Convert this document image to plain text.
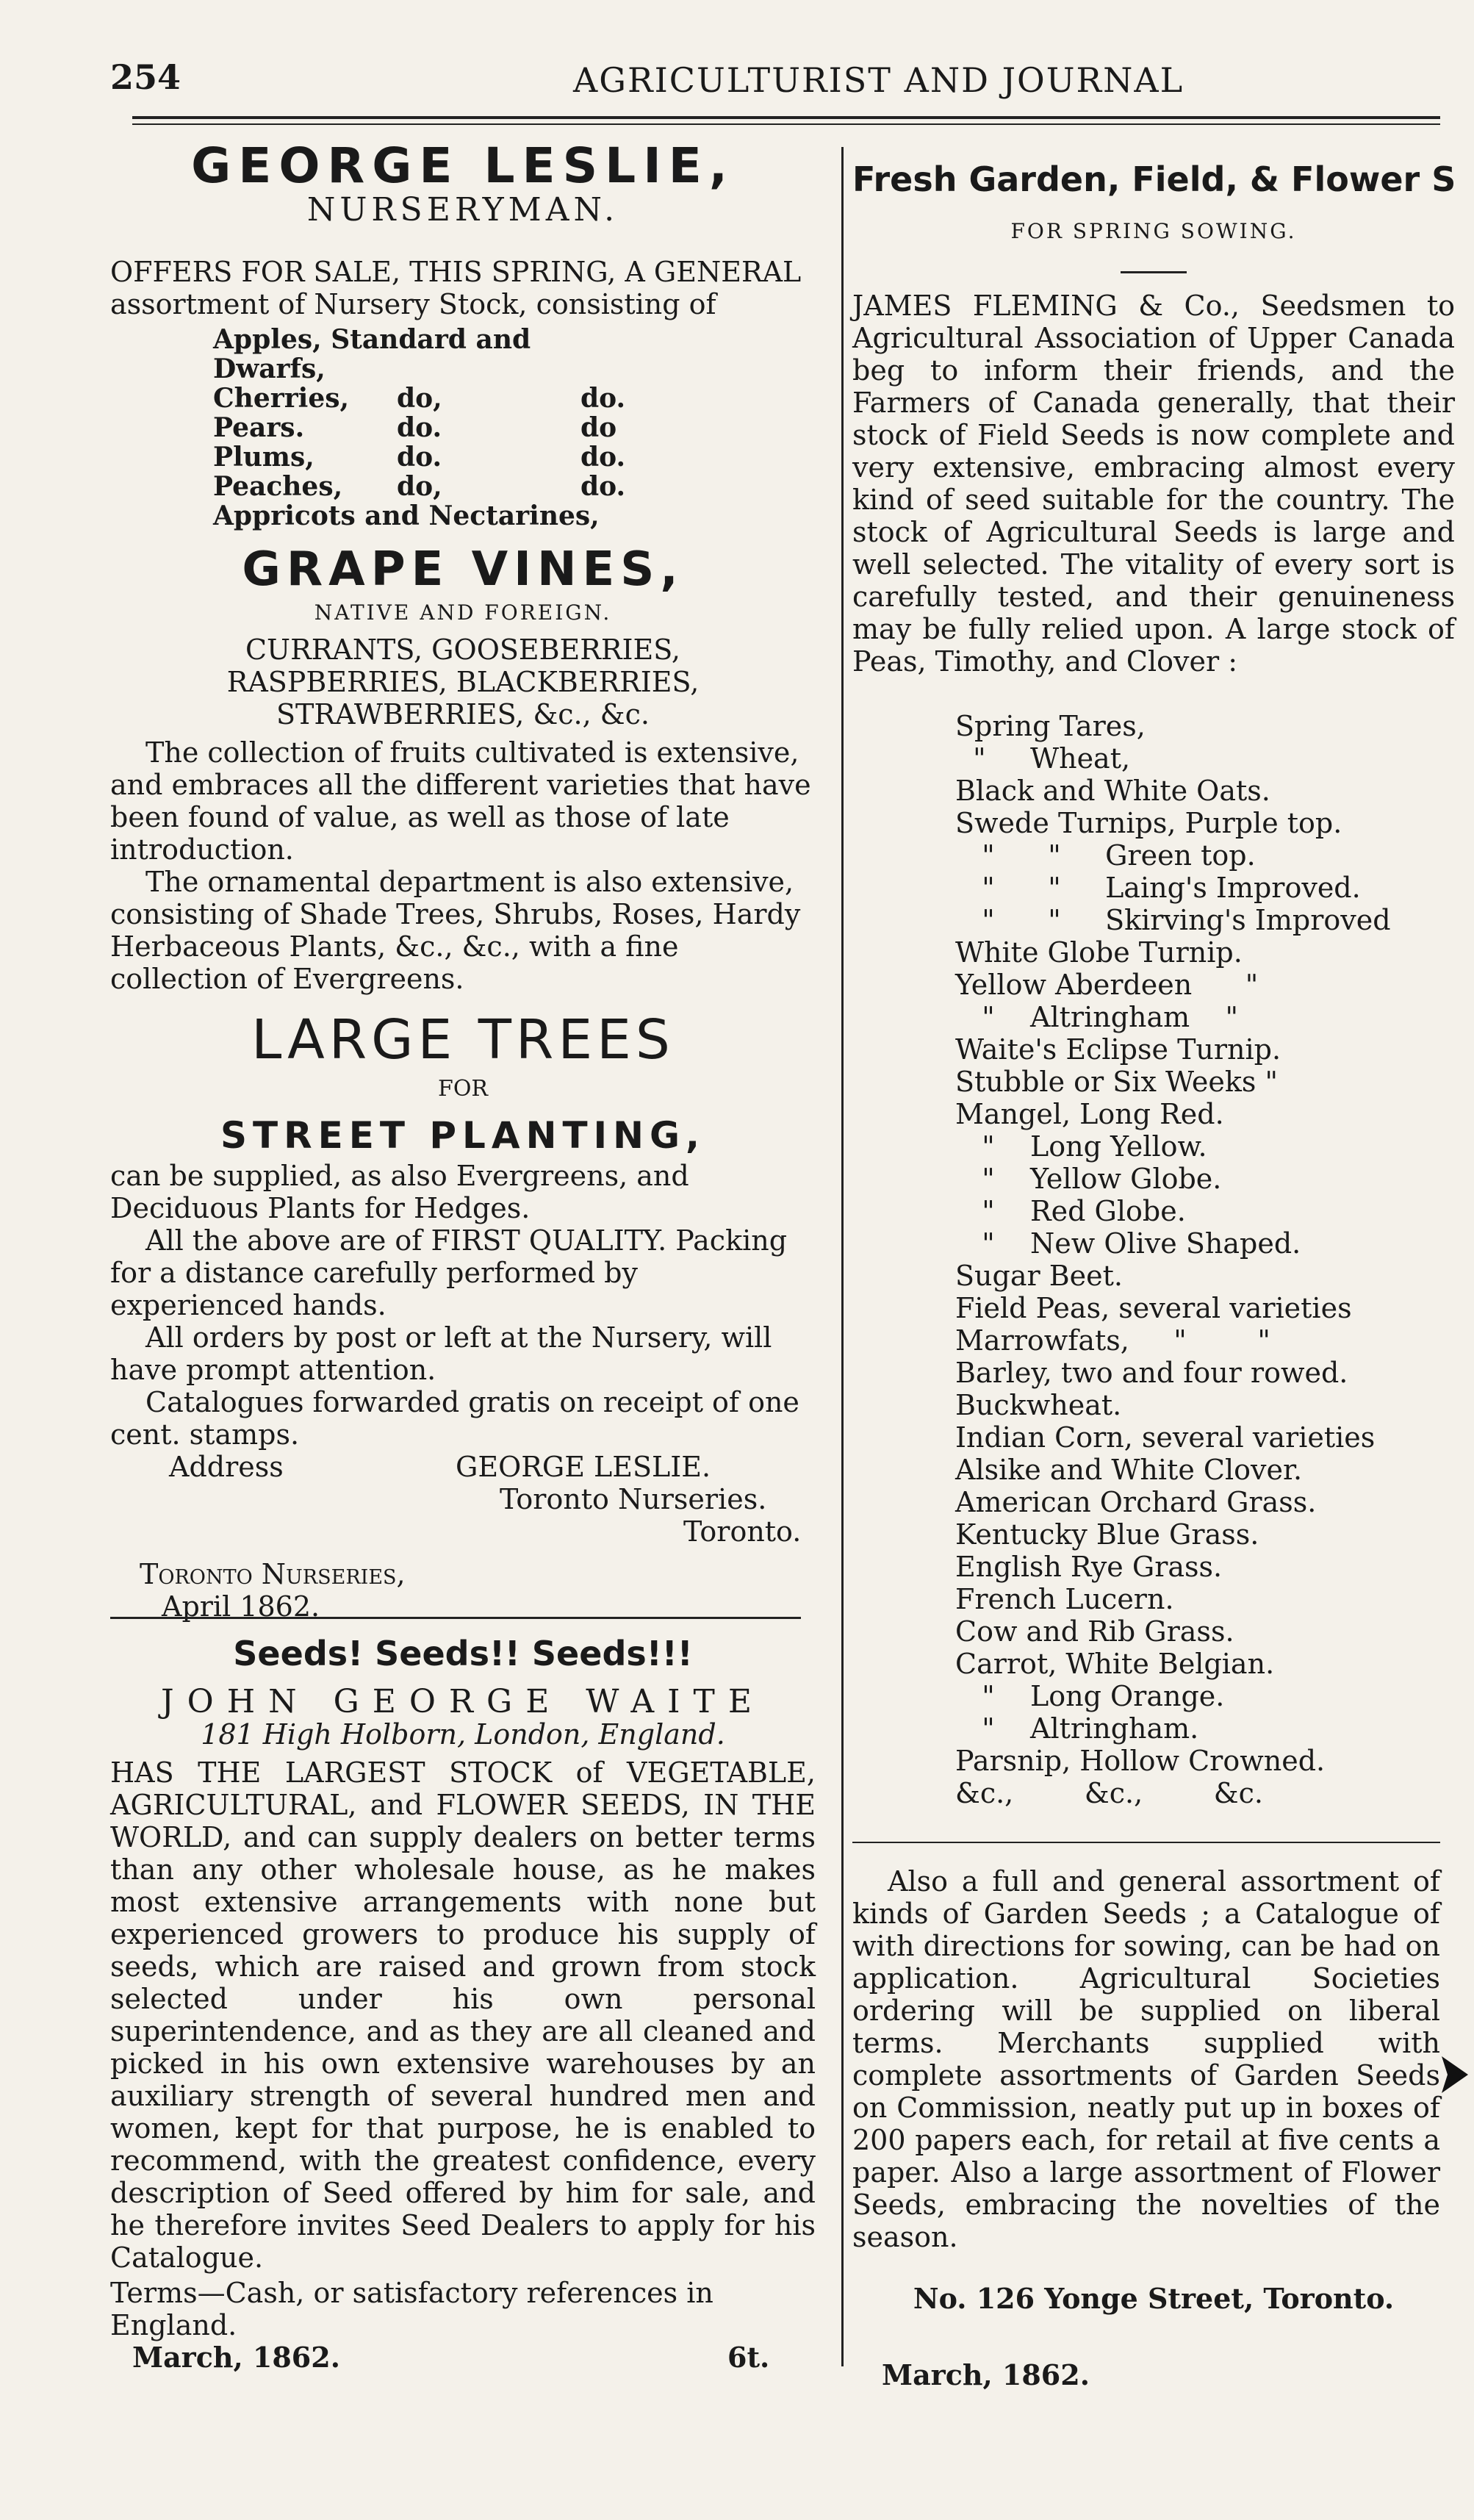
254	AGRICULTURIST AND JOURNAL
GEORGE LESLIE,
NURSERYMAN.
OFFERS FOR SALE, THIS SPRING, A GENERAL assortment of Nursery Stock, consisting of
Apples, Standard and Dwarfs,
Cherries,	do,	do.
Pears.	do.	do
Plums,	do.	do.
Peaches,	do,	do.
Appricots and Nectarines,
GRAPE VINES,
NATIVE AND FOREIGN.
CURRANTS, GOOSEBERRIES, RASPBERRIES, BLACKBERRIES, STRAWBERRIES, &c., &c.

The collection of fruits cultivated is extensive, and embraces all the different varieties that have been found of value, as well as those of late introduction.

The ornamental department is also extensive, consisting of Shade Trees, Shrubs, Roses, Hardy Herbaceous Plants, &c., &c., with a fine collection of Evergreens.

LARGE TREES
FOR
STREET PLANTING,
can be supplied, as also Evergreens, and Deciduous Plants for Hedges.

All the above are of FIRST QUALITY. Packing for a distance carefully performed by experienced hands.

All orders by post or left at the Nursery, will have prompt attention.

Catalogues forwarded gratis on receipt of one cent. stamps.

Address	GEORGE LESLIE.
Toronto Nurseries.
Toronto.
Toronto Nurseries,
April 1862.
Seeds! Seeds!! Seeds!!!
JOHN GEORGE WAITE
181 High Holborn, London, England.
HAS THE LARGEST STOCK of VEGETABLE, AGRICULTURAL, and FLOWER SEEDS, IN THE WORLD, and can supply dealers on better terms than any other wholesale house, as he makes most extensive arrangements with none but experienced growers to produce his supply of seeds, which are raised and grown from stock selected under his own personal superintendence, and as they are all cleaned and picked in his own extensive warehouses by an auxiliary strength of several hundred men and women, kept for that purpose, he is enabled to recommend, with the greatest confidence, every description of Seed offered by him for sale, and he therefore invites Seed Dealers to apply for his Catalogue.
Terms—Cash, or satisfactory references in England.
March, 1862.	6t.
Fresh Garden, Field, & Flower S
FOR SPRING SOWING.
JAMES FLEMING & Co., Seedsmen to Agricultural Association of Upper Canada beg to inform their friends, and the Farmers of Canada generally, that their stock of Field Seeds is now complete and very extensive, embracing almost every kind of seed suitable for the country. The stock of Agricultural Seeds is large and well selected. The vitality of every sort is carefully tested, and their genuineness may be fully relied upon. A large stock of Peas, Timothy, and Clover :
Spring Tares,
"     Wheat,
Black and White Oats.
Swede Turnips, Purple top.
"      "     Green top.
"      "     Laing's Improved.
"      "     Skirving's Improved
White Globe Turnip.
Yellow Aberdeen      "
"    Altringham    "
Waite's Eclipse Turnip.
Stubble or Six Weeks "
Mangel, Long Red.
"    Long Yellow.
"    Yellow Globe.
"    Red Globe.
"    New Olive Shaped.
Sugar Beet.
Field Peas, several varieties
Marrowfats,     "        "
Barley, two and four rowed.
Buckwheat.
Indian Corn, several varieties
Alsike and White Clover.
American Orchard Grass.
Kentucky Blue Grass.
English Rye Grass.
French Lucern.
Cow and Rib Grass.
Carrot, White Belgian.
"    Long Orange.
"    Altringham.
Parsnip, Hollow Crowned.
&c.,        &c.,        &c.
Also a full and general assortment of kinds of Garden Seeds ; a Catalogue of with directions for sowing, can be had on application. Agricultural Societies ordering will be supplied on liberal terms. Merchants supplied with complete assortments of Garden Seeds on Commission, neatly put up in boxes of 200 papers each, for retail at five cents a paper. Also a large assortment of Flower Seeds, embracing the novelties of the season.
No. 126 Yonge Street, Toronto.
March, 1862.
